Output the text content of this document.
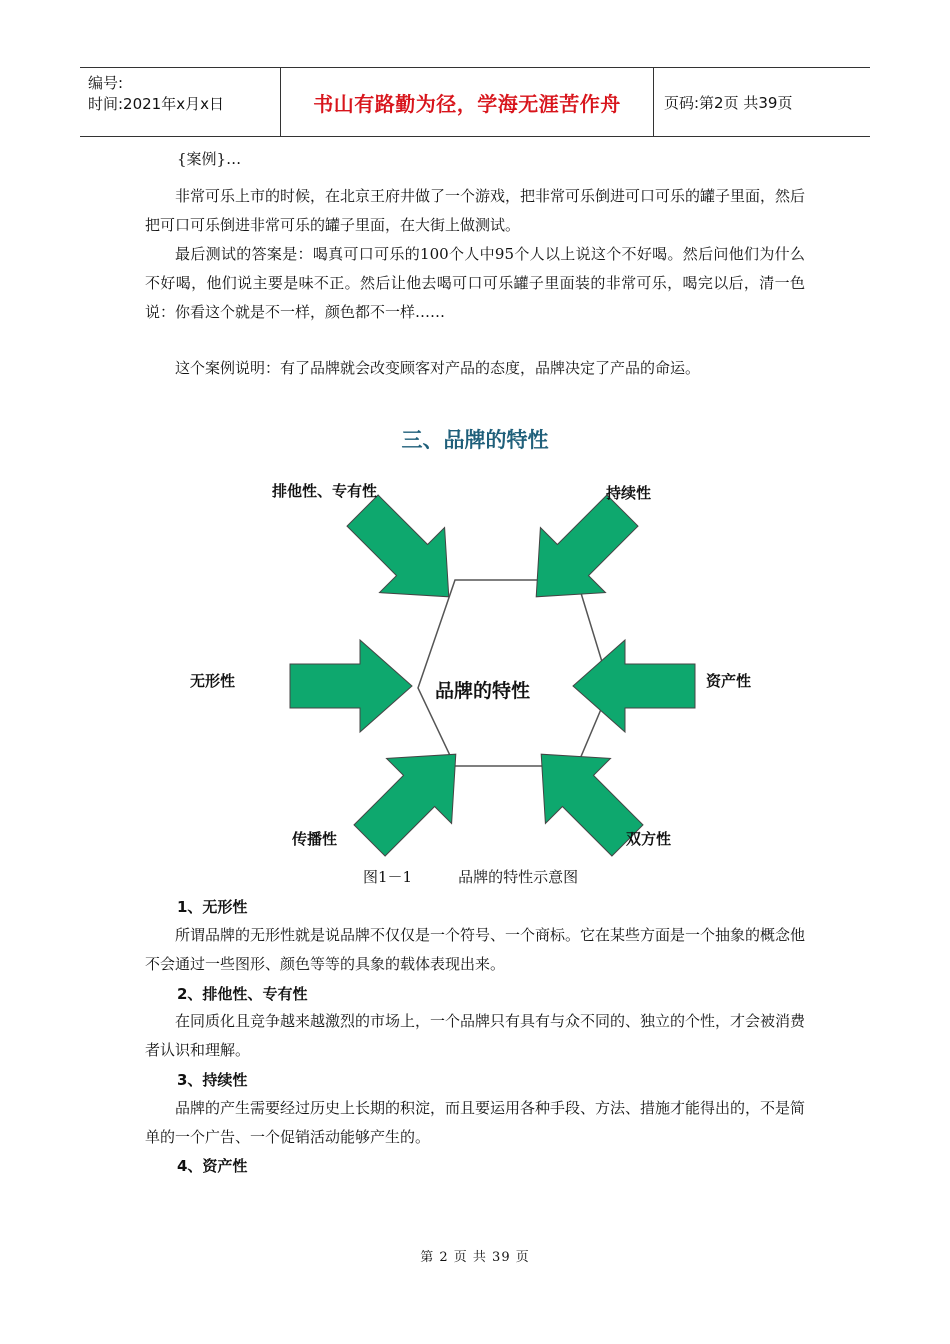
编号:
时间:2021年x月x日	书山有路勤为径，学海无涯苦作舟	页码:第2页 共39页

{案例}…

非常可乐上市的时候，在北京王府井做了一个游戏，把非常可乐倒进可口可乐的罐子里面，然后把可口可乐倒进非常可乐的罐子里面，在大街上做测试。

最后测试的答案是：喝真可口可乐的100个人中95个人以上说这个不好喝。然后问他们为什么不好喝，他们说主要是味不正。然后让他去喝可口可乐罐子里面装的非常可乐，喝完以后，清一色说：你看这个就是不一样，颜色都不一样……

这个案例说明：有了品牌就会改变顾客对产品的态度，品牌决定了产品的命运。

三、品牌的特性
品牌的特性
排他性、专有性	持续性
无形性	资产性
传播性	双方性
图1－1	品牌的特性示意图
1、无形性

所谓品牌的无形性就是说品牌不仅仅是一个符号、一个商标。它在某些方面是一个抽象的概念他不会通过一些图形、颜色等等的具象的载体表现出来。

2、排他性、专有性

在同质化且竞争越来越激烈的市场上，一个品牌只有具有与众不同的、独立的个性，才会被消费者认识和理解。

3、持续性

品牌的产生需要经过历史上长期的积淀，而且要运用各种手段、方法、措施才能得出的，不是简单的一个广告、一个促销活动能够产生的。

4、资产性
第 2 页 共 39 页
